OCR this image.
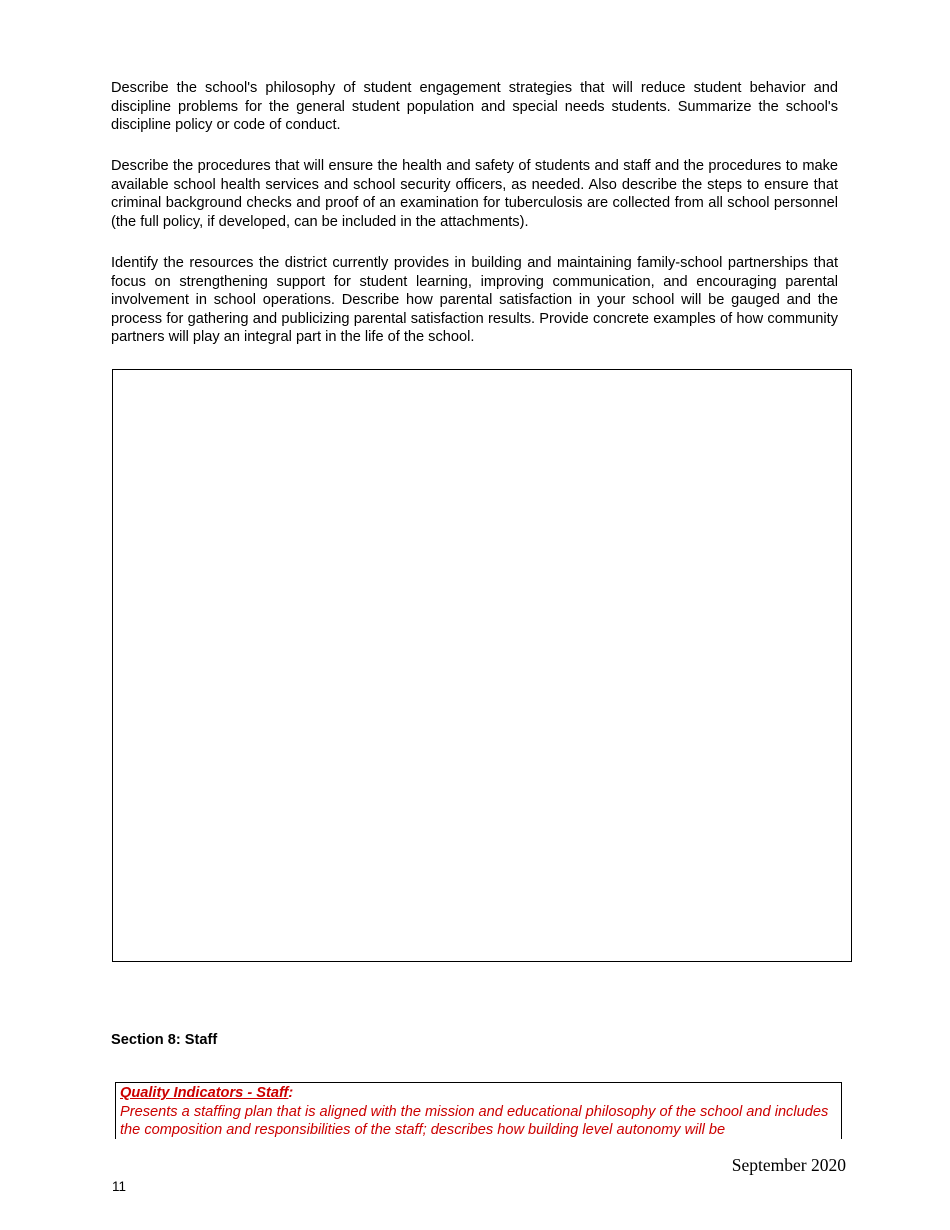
Describe the school's philosophy of student engagement strategies that will reduce student behavior and discipline problems for the general student population and special needs students. Summarize the school's discipline policy or code of conduct.

Describe the procedures that will ensure the health and safety of students and staff and the procedures to make available school health services and school security officers, as needed. Also describe the steps to ensure that criminal background checks and proof of an examination for tuberculosis are collected from all school personnel (the full policy, if developed, can be included in the attachments).

Identify the resources the district currently provides in building and maintaining family-school partnerships that focus on strengthening support for student learning, improving communication, and encouraging parental involvement in school operations. Describe how parental satisfaction in your school will be gauged and the process for gathering and publicizing parental satisfaction results. Provide concrete examples of how community partners will play an integral part in the life of the school.

Section 8: Staff

Quality Indicators - Staff:
Presents a staffing plan that is aligned with the mission and educational philosophy of the school and includes the composition and responsibilities of the staff; describes how building level autonomy will be

September 2020

11
